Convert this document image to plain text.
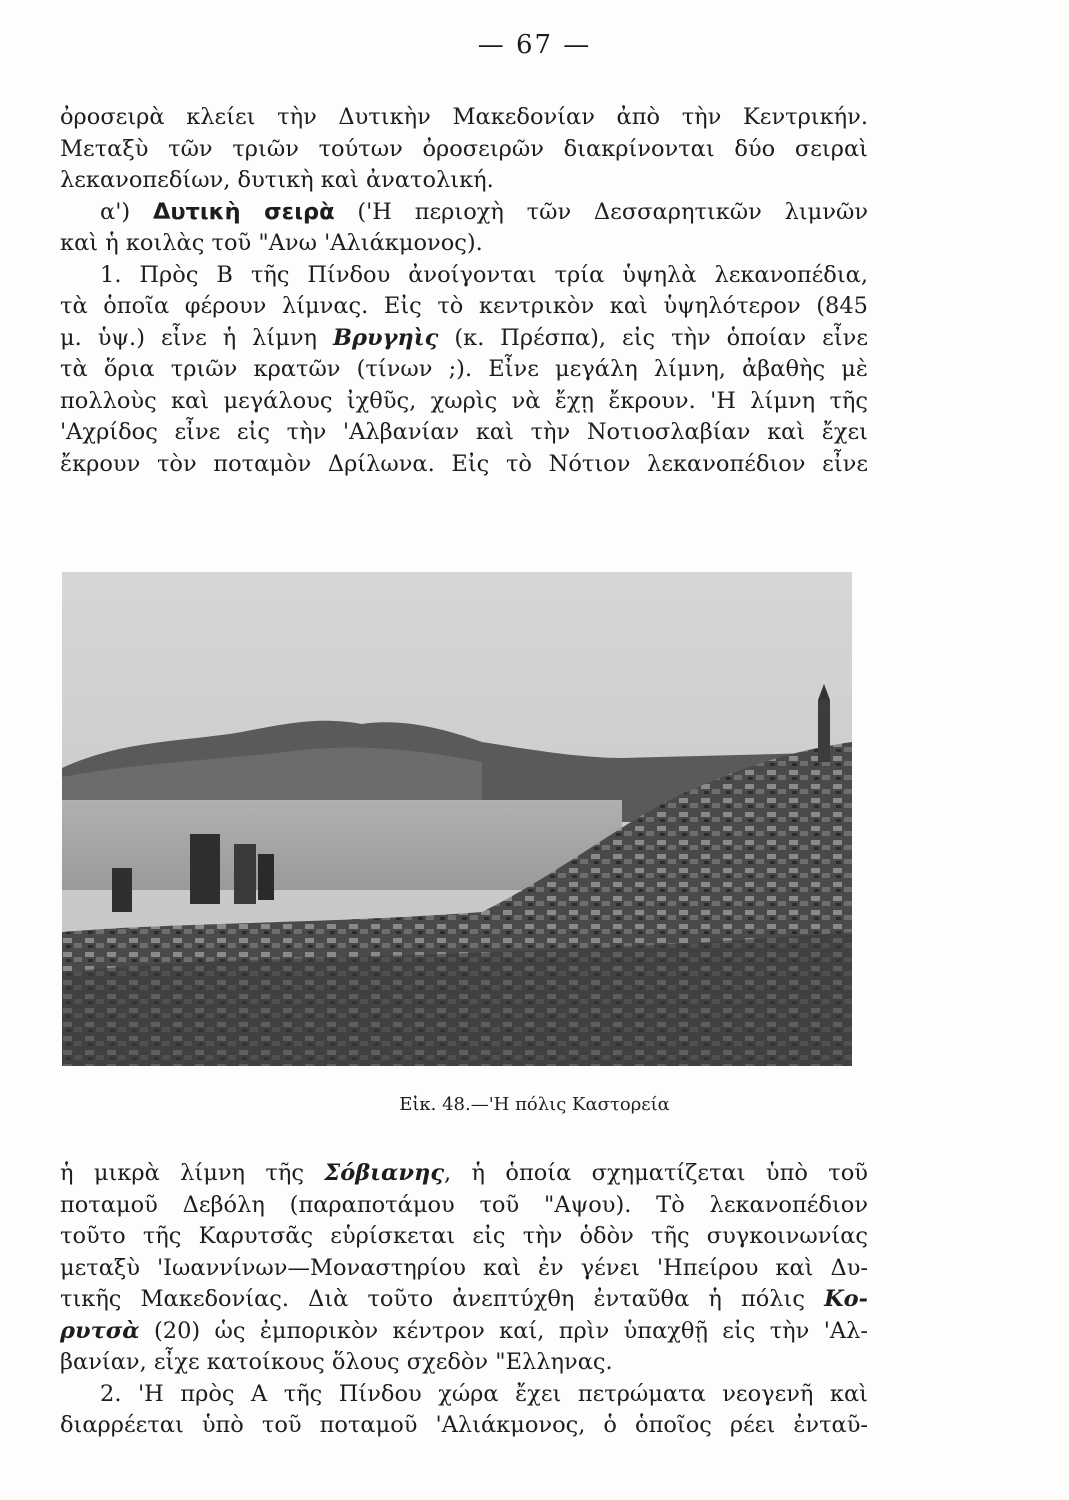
— 67 —
ὀροσειρὰ κλείει τὴν Δυτικὴν Μακεδονίαν ἀπὸ τὴν Κεντρικήν.
Μεταξὺ τῶν τριῶν τούτων ὀροσειρῶν διακρίνονται δύο σειραὶ
λεκανοπεδίων, δυτικὴ καὶ ἀνατολική.
α') Δυτικὴ σειρὰ ('Η περιοχὴ τῶν Δεσσαρητικῶν λιμνῶν
καὶ ἡ κοιλὰς τοῦ "Ανω 'Αλιάκμονος).
1. Πρὸς Β τῆς Πίνδου ἀνοίγονται τρία ὑψηλὰ λεκανοπέδια,
τὰ ὁποῖα φέρουν λίμνας. Εἰς τὸ κεντρικὸν καὶ ὑψηλότερον (845
μ. ὑψ.) εἶνε ἡ λίμνη Βρυγηὶς (κ. Πρέσπα), εἰς τὴν ὁποίαν εἶνε
τὰ ὅρια τριῶν κρατῶν (τίνων ;). Εἶνε μεγάλη λίμνη, ἀβαθὴς μὲ
πολλοὺς καὶ μεγάλους ἰχθῦς, χωρὶς νὰ ἔχῃ ἔκρουν. 'Η λίμνη τῆς
'Αχρίδος εἶνε εἰς τὴν 'Αλβανίαν καὶ τὴν Νοτιοσλαβίαν καὶ ἔχει
ἔκρουν τὸν ποταμὸν Δρίλωνα. Εἰς τὸ Νότιον λεκανοπέδιον εἶνε
Εἰκ. 48.—'Η πόλις Καστορεία
ἡ μικρὰ λίμνη τῆς Σόβιανης, ἡ ὁποία σχηματίζεται ὑπὸ τοῦ
ποταμοῦ Δεβόλη (παραποτάμου τοῦ "Αψου). Τὸ λεκανοπέδιον
τοῦτο τῆς Καρυτσᾶς εὑρίσκεται εἰς τὴν ὁδὸν τῆς συγκοινωνίας
μεταξὺ 'Ιωαννίνων—Μοναστηρίου καὶ ἐν γένει 'Ηπείρου καὶ Δυ-
τικῆς Μακεδονίας. Διὰ τοῦτο ἀνεπτύχθη ἐνταῦθα ἡ πόλις Κο-
ρυτσὰ (20) ὡς ἐμπορικὸν κέντρον καί, πρὶν ὑπαχθῇ εἰς τὴν 'Αλ-
βανίαν, εἶχε κατοίκους ὅλους σχεδὸν "Ελληνας.
2. 'Η πρὸς Α τῆς Πίνδου χώρα ἔχει πετρώματα νεογενῆ καὶ
διαρρέεται ὑπὸ τοῦ ποταμοῦ 'Αλιάκμονος, ὁ ὁποῖος ρέει ἐνταῦ-
